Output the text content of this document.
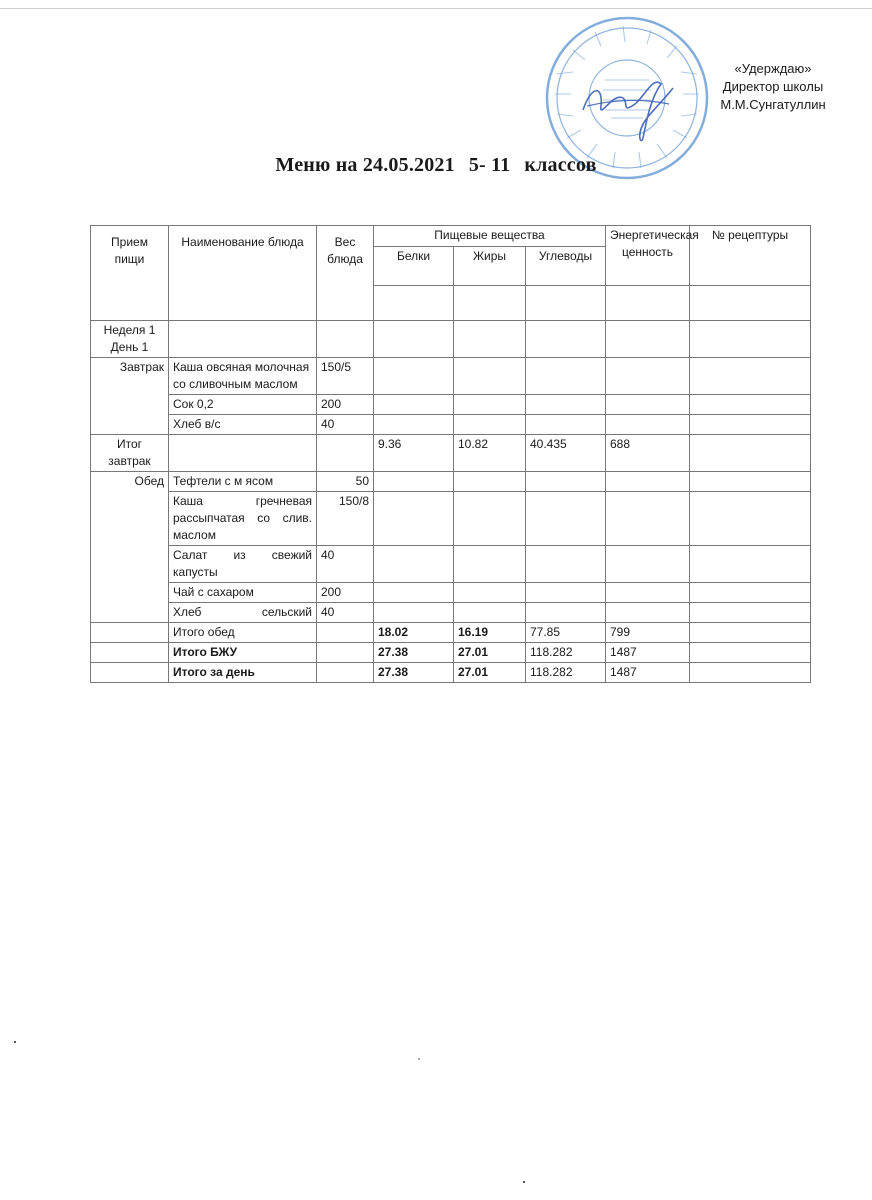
«Удерждаю»
Директор школы
М.М.Сунгатуллин
Меню на 24.05.2021 5- 11 классов
Прием пищи	Наименование блюда	Вес блюда	Пищевые вещества			Энергетическая ценность	№ рецептуры
			Белки	Жиры	Углеводы		

Неделя 1 День 1							
Завтрак	Каша овсяная молочная со сливочным маслом	150/5					
	Сок 0,2	200					
	Хлеб в/с	40					
Итог завтрак			9.36	10.82	40.435	688	
Обед	Тефтели с м ясом	50					
	Каша гречневая рассыпчатая со слив. маслом	150/8					
	Салат из свежий капусты	40					
	Чай с сахаром	200					
	Хлеб сельский	40					
	Итого обед		18.02	16.19	77.85	799	
	Итого БЖУ		27.38	27.01	118.282	1487	
	Итого за день		27.38	27.01	118.282	1487	
